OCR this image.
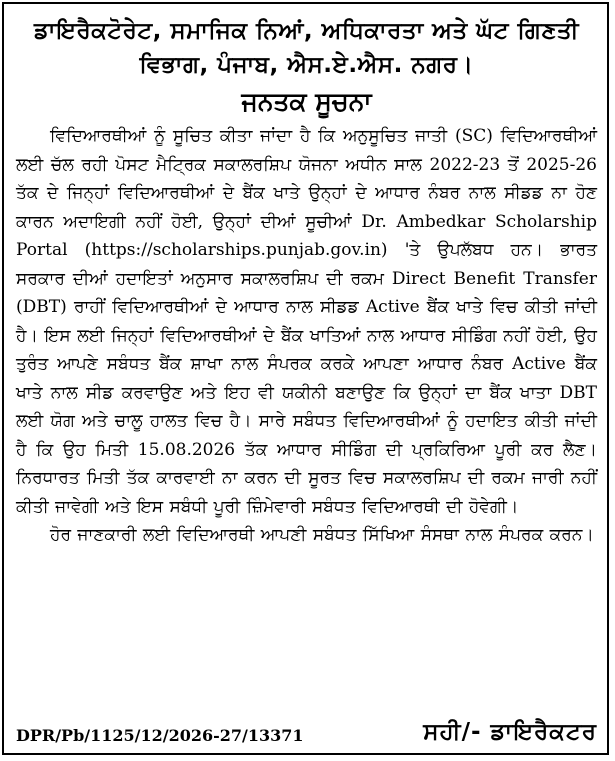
ਡਾਇਰੈਕਟੋਰੇਟ, ਸਮਾਜਿਕ ਨਿਆਂ, ਅਧਿਕਾਰਤਾ ਅਤੇ ਘੱਟ ਗਿਣਤੀ ਵਿਭਾਗ, ਪੰਜਾਬ, ਐਸ.ਏ.ਐਸ. ਨਗਰ।
ਜਨਤਕ ਸੂਚਨਾ

ਵਿਦਿਆਰਥੀਆਂ ਨੂੰ ਸੂਚਿਤ ਕੀਤਾ ਜਾਂਦਾ ਹੈ ਕਿ ਅਨੁਸੂਚਿਤ ਜਾਤੀ (SC) ਵਿਦਿਆਰਥੀਆਂ ਲਈ ਚੱਲ ਰਹੀ ਪੋਸਟ ਮੈਟ੍ਰਿਕ ਸਕਾਲਰਸ਼ਿਪ ਯੋਜਨਾ ਅਧੀਨ ਸਾਲ 2022-23 ਤੋਂ 2025-26 ਤੱਕ ਦੇ ਜਿਨ੍ਹਾਂ ਵਿਦਿਆਰਥੀਆਂ ਦੇ ਬੈਂਕ ਖਾਤੇ ਉਨ੍ਹਾਂ ਦੇ ਆਧਾਰ ਨੰਬਰ ਨਾਲ ਸੀਡਡ ਨਾ ਹੋਣ ਕਾਰਨ ਅਦਾਇਗੀ ਨਹੀਂ ਹੋਈ, ਉਨ੍ਹਾਂ ਦੀਆਂ ਸੂਚੀਆਂ Dr. Ambedkar Scholarship Portal (https://scholarships.punjab.gov.in) 'ਤੇ ਉਪਲੱਬਧ ਹਨ। ਭਾਰਤ ਸਰਕਾਰ ਦੀਆਂ ਹਦਾਇਤਾਂ ਅਨੁਸਾਰ ਸਕਾਲਰਸ਼ਿਪ ਦੀ ਰਕਮ Direct Benefit Transfer (DBT) ਰਾਹੀਂ ਵਿਦਿਆਰਥੀਆਂ ਦੇ ਆਧਾਰ ਨਾਲ ਸੀਡਡ Active ਬੈਂਕ ਖਾਤੇ ਵਿਚ ਕੀਤੀ ਜਾਂਦੀ ਹੈ। ਇਸ ਲਈ ਜਿਨ੍ਹਾਂ ਵਿਦਿਆਰਥੀਆਂ ਦੇ ਬੈਂਕ ਖਾਤਿਆਂ ਨਾਲ ਆਧਾਰ ਸੀਡਿੰਗ ਨਹੀਂ ਹੋਈ, ਉਹ ਤੁਰੰਤ ਆਪਣੇ ਸਬੰਧਤ ਬੈਂਕ ਸ਼ਾਖਾ ਨਾਲ ਸੰਪਰਕ ਕਰਕੇ ਆਪਣਾ ਆਧਾਰ ਨੰਬਰ Active ਬੈਂਕ ਖਾਤੇ ਨਾਲ ਸੀਡ ਕਰਵਾਉਣ ਅਤੇ ਇਹ ਵੀ ਯਕੀਨੀ ਬਣਾਉਣ ਕਿ ਉਨ੍ਹਾਂ ਦਾ ਬੈਂਕ ਖਾਤਾ DBT ਲਈ ਯੋਗ ਅਤੇ ਚਾਲੂ ਹਾਲਤ ਵਿਚ ਹੈ। ਸਾਰੇ ਸਬੰਧਤ ਵਿਦਿਆਰਥੀਆਂ ਨੂੰ ਹਦਾਇਤ ਕੀਤੀ ਜਾਂਦੀ ਹੈ ਕਿ ਉਹ ਮਿਤੀ 15.08.2026 ਤੱਕ ਆਧਾਰ ਸੀਡਿੰਗ ਦੀ ਪ੍ਰਕਿਰਿਆ ਪੂਰੀ ਕਰ ਲੈਣ। ਨਿਰਧਾਰਤ ਮਿਤੀ ਤੱਕ ਕਾਰਵਾਈ ਨਾ ਕਰਨ ਦੀ ਸੂਰਤ ਵਿਚ ਸਕਾਲਰਸ਼ਿਪ ਦੀ ਰਕਮ ਜਾਰੀ ਨਹੀਂ ਕੀਤੀ ਜਾਵੇਗੀ ਅਤੇ ਇਸ ਸਬੰਧੀ ਪੂਰੀ ਜ਼ਿੰਮੇਵਾਰੀ ਸਬੰਧਤ ਵਿਦਿਆਰਥੀ ਦੀ ਹੋਵੇਗੀ।

ਹੋਰ ਜਾਣਕਾਰੀ ਲਈ ਵਿਦਿਆਰਥੀ ਆਪਣੀ ਸਬੰਧਤ ਸਿੱਖਿਆ ਸੰਸਥਾ ਨਾਲ ਸੰਪਰਕ ਕਰਨ।

DPR/Pb/1125/12/2026-27/13371	ਸਹੀ/- ਡਾਇਰੈਕਟਰ
